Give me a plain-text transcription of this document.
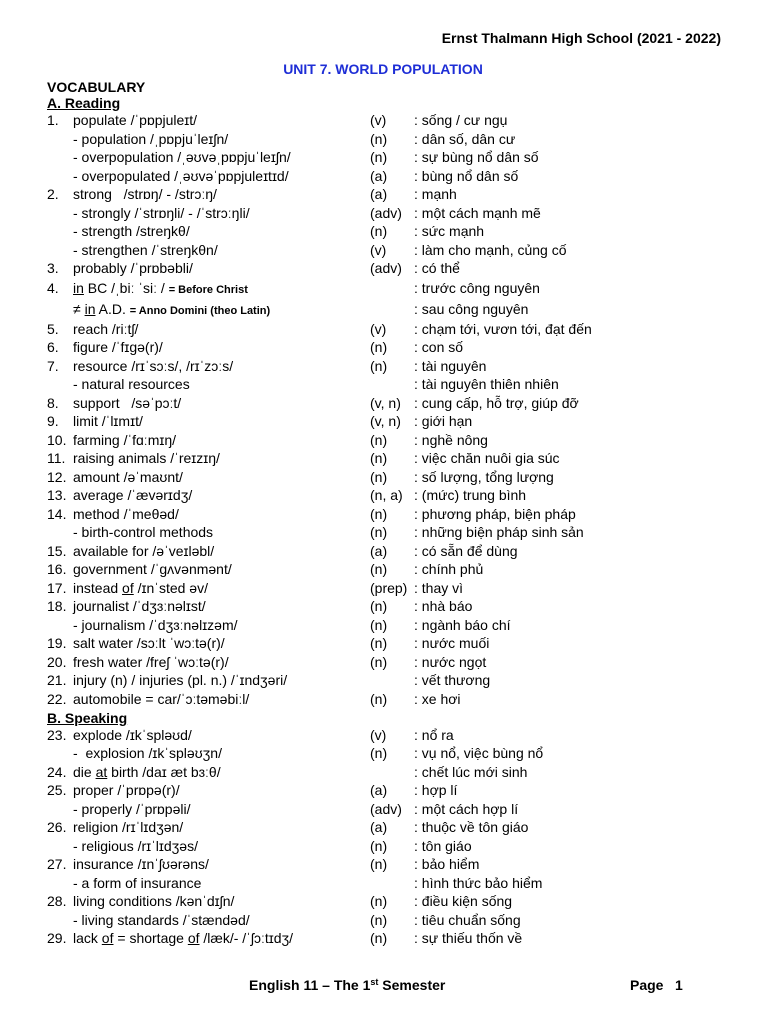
Ernst Thalmann High School (2021 - 2022)
UNIT 7. WORLD POPULATION
VOCABULARY
A. Reading
1. populate /ˈpɒpjuleɪt/	(v) : sống / cư ngụ
- population /ˌpɒpjuˈleɪʃn/	(n) : dân số, dân cư
- overpopulation /ˌəʊvəˌpɒpjuˈleɪʃn/	(n) : sự bùng nổ dân số
- overpopulated /ˌəʊvəˈpɒpjuleɪtɪd/	(a) : bùng nổ dân số
2. strong   /strɒŋ/ - /strɔːŋ/	(a) : mạnh
- strongly /ˈstrɒŋli/ - /ˈstrɔːŋli/	(adv) : một cách mạnh mẽ
- strength /streŋkθ/	(n) : sức mạnh
- strengthen /ˈstreŋkθn/	(v) : làm cho mạnh, củng cố
3. probably /ˈprɒbəbli/	(adv) : có thể
4. in BC /ˌbiː ˈsiː / = Before Christ	: trước công nguyên
≠ in A.D. = Anno Domini (theo Latin)	: sau công nguyên
5. reach /riːtʃ/	(v) : chạm tới, vươn tới, đạt đến
6. figure /ˈfɪgə(r)/	(n) : con số
7. resource /rɪˈsɔːs/, /rɪˈzɔːs/	(n) : tài nguyên
- natural resources	: tài nguyên thiên nhiên
8. support   /səˈpɔːt/	(v, n) : cung cấp, hỗ trợ, giúp đỡ
9. limit /ˈlɪmɪt/	(v, n) : giới hạn
10. farming /ˈfɑːmɪŋ/	(n) : nghề nông
11. raising animals /ˈreɪzɪŋ/	(n) : việc chăn nuôi gia súc
12. amount /əˈmaʊnt/	(n) : số lượng, tổng lượng
13. average /ˈævərɪdʒ/	(n, a) : (mức) trung bình
14. method /ˈmeθəd/	(n) : phương pháp, biện pháp
- birth-control methods	(n) : những biện pháp sinh sản
15. available for /əˈveɪləbl/	(a) : có sẵn để dùng
16. government /ˈgʌvənmənt/	(n) : chính phủ
17. instead of /ɪnˈsted əv/	(prep) : thay vì
18. journalist /ˈdʒɜːnəlɪst/	(n) : nhà báo
- journalism /ˈdʒɜːnəlɪzəm/	(n) : ngành báo chí
19. salt water /sɔːlt ˈwɔːtə(r)/	(n) : nước muối
20. fresh water /freʃ ˈwɔːtə(r)/	(n) : nước ngọt
21. injury (n) / injuries (pl. n.) /ˈɪndʒəri/	: vết thương
22. automobile = car/ˈɔːtəməbiːl/	(n) : xe hơi
B. Speaking
23. explode /ɪkˈspləʊd/	(v) : nổ ra
-  explosion /ɪkˈspləʊʒn/	(n) : vụ nổ, việc bùng nổ
24. die at birth /daɪ æt bɜːθ/	: chết lúc mới sinh
25. proper /ˈprɒpə(r)/	(a) : hợp lí
- properly /ˈprɒpəli/	(adv) : một cách hợp lí
26. religion /rɪˈlɪdʒən/	(a) : thuộc về tôn giáo
- religious /rɪˈlɪdʒəs/	(n) : tôn giáo
27. insurance /ɪnˈʃʊərəns/	(n) : bảo hiểm
- a form of insurance	: hình thức bảo hiểm
28. living conditions /kənˈdɪʃn/	(n) : điều kiện sống
- living standards /ˈstændəd/	(n) : tiêu chuẩn sống
29. lack of = shortage of /læk/- /ˈʃɔːtɪdʒ/	(n) : sự thiếu thốn về
English 11 – The 1st Semester	Page 1
